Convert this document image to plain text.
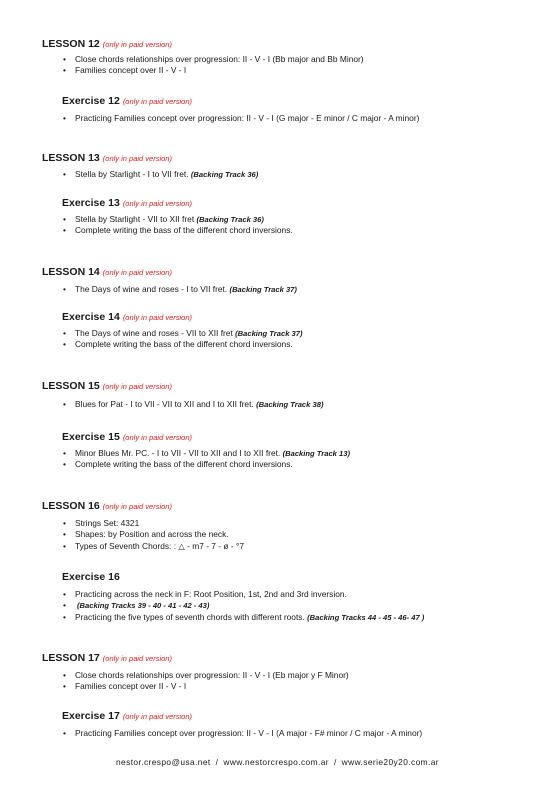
LESSON 12 (only in paid version)
• Close chords relationships over progression: II - V - I (Bb major and Bb Minor)
• Families concept over II - V - I
Exercise 12 (only in paid version)
• Practicing Families concept over progression: II - V - I (G major - E minor / C major - A minor)
LESSON 13 (only in paid version)
• Stella by Starlight - I to VII fret. (Backing Track 36)
Exercise 13 (only in paid version)
• Stella by Starlight - VII to XII fret (Backing Track 36)
• Complete writing the bass of the different chord inversions.
LESSON 14 (only in paid version)
• The Days of wine and roses - I to VII fret. (Backing Track 37)
Exercise 14 (only in paid version)
• The Days of wine and roses - VII to XII fret (Backing Track 37)
• Complete writing the bass of the different chord inversions.
LESSON 15 (only in paid version)
• Blues for Pat - I to VII - VII to XII and I to XII fret. (Backing Track 38)
Exercise 15 (only in paid version)
• Minor Blues Mr. PC. - I to VII - VII to XII and I to XII fret. (Backing Track 13)
• Complete writing the bass of the different chord inversions.
LESSON 16 (only in paid version)
• Strings Set: 4321
• Shapes: by Position and across the neck.
• Types of Seventh Chords: : △ - m7 - 7 - ø - °7
Exercise 16
• Practicing across the neck in F: Root Position, 1st, 2nd and 3rd inversion.
• (Backing Tracks 39 - 40 - 41 - 42 - 43)
• Practicing the five types of seventh chords with different roots. (Backing Tracks 44 - 45 - 46- 47 )
LESSON 17 (only in paid version)
• Close chords relationships over progression: II - V - I (Eb major y F Minor)
• Families concept over II - V - I
Exercise 17 (only in paid version)
• Practicing Families concept over progression: II - V - I (A major - F# minor / C major - A minor)
nestor.crespo@usa.net / www.nestorcrespo.com.ar / www.serie20y20.com.ar
